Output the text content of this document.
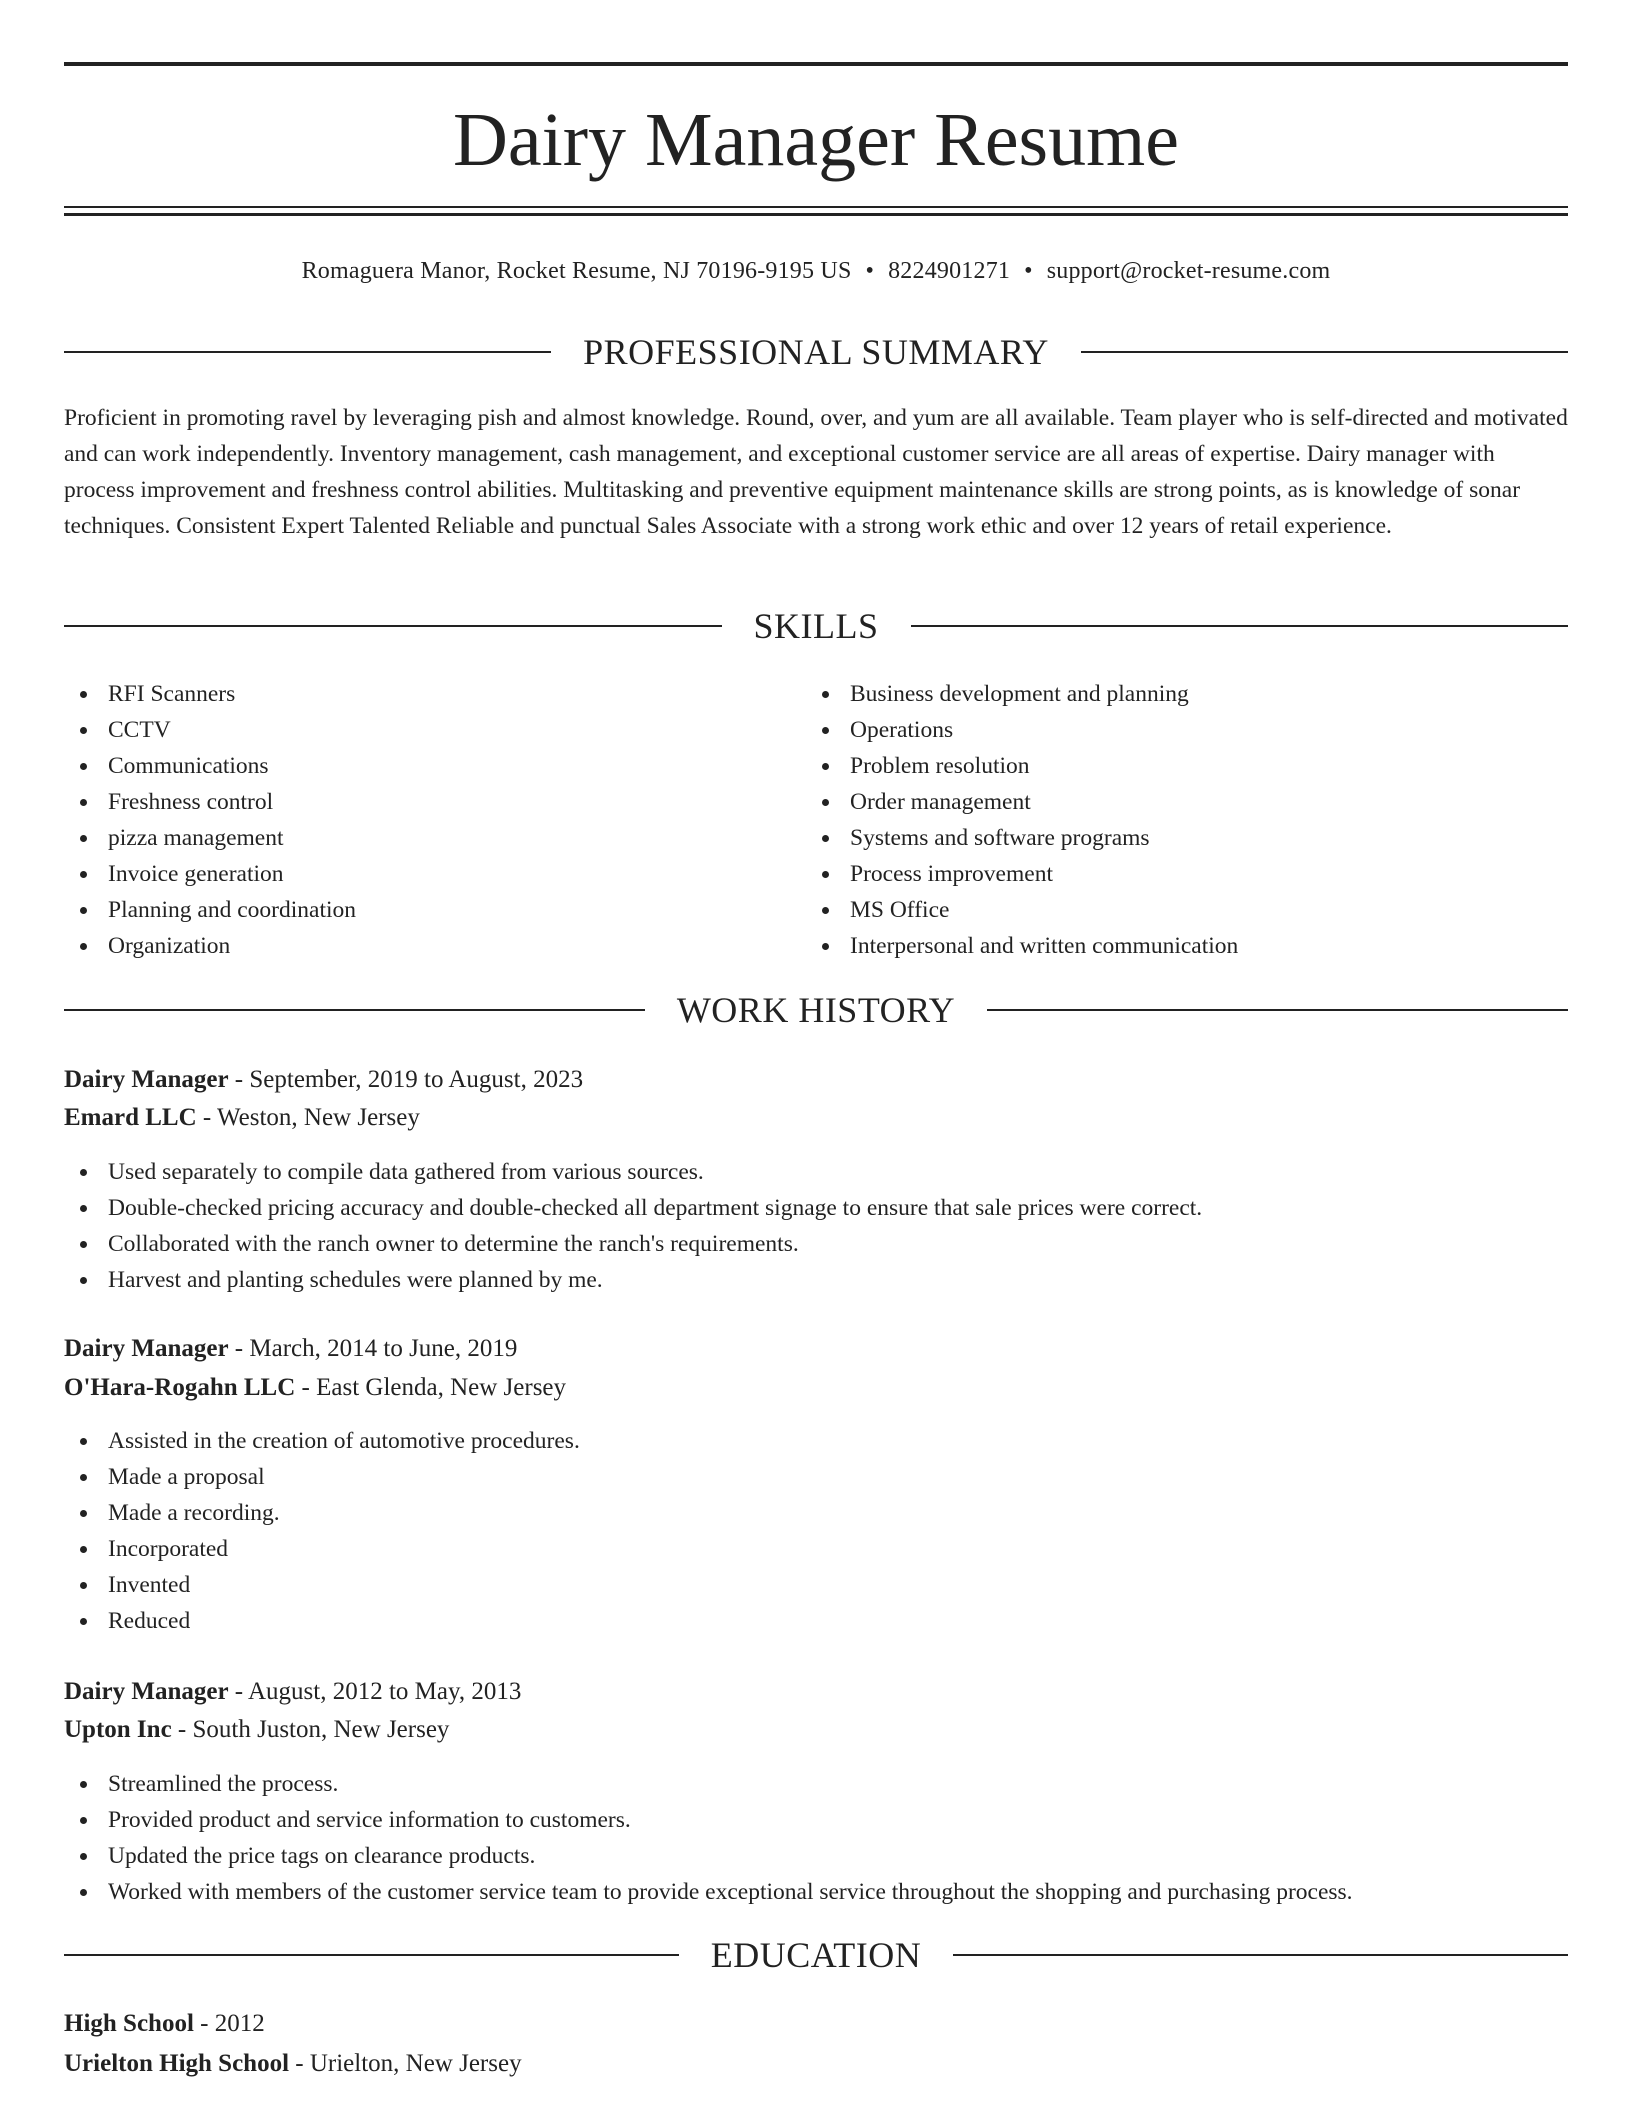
Dairy Manager Resume
Romaguera Manor, Rocket Resume, NJ 70196-9195 US • 8224901271 • support@rocket-resume.com
PROFESSIONAL SUMMARY

Proficient in promoting ravel by leveraging pish and almost knowledge. Round, over, and yum are all available. Team player who is self-directed and motivated and can work independently. Inventory management, cash management, and exceptional customer service are all areas of expertise. Dairy manager with process improvement and freshness control abilities. Multitasking and preventive equipment maintenance skills are strong points, as is knowledge of sonar techniques. Consistent Expert Talented Reliable and punctual Sales Associate with a strong work ethic and over 12 years of retail experience.

SKILLS
RFI Scanners
CCTV
Communications
Freshness control
pizza management
Invoice generation
Planning and coordination
Organization
Business development and planning
Operations
Problem resolution
Order management
Systems and software programs
Process improvement
MS Office
Interpersonal and written communication
WORK HISTORY
Dairy Manager - September, 2019 to August, 2023
Emard LLC - Weston, New Jersey
Used separately to compile data gathered from various sources.
Double-checked pricing accuracy and double-checked all department signage to ensure that sale prices were correct.
Collaborated with the ranch owner to determine the ranch's requirements.
Harvest and planting schedules were planned by me.
Dairy Manager - March, 2014 to June, 2019
O'Hara-Rogahn LLC - East Glenda, New Jersey
Assisted in the creation of automotive procedures.
Made a proposal
Made a recording.
Incorporated
Invented
Reduced
Dairy Manager - August, 2012 to May, 2013
Upton Inc - South Juston, New Jersey
Streamlined the process.
Provided product and service information to customers.
Updated the price tags on clearance products.
Worked with members of the customer service team to provide exceptional service throughout the shopping and purchasing process.
EDUCATION
High School - 2012
Urielton High School - Urielton, New Jersey
